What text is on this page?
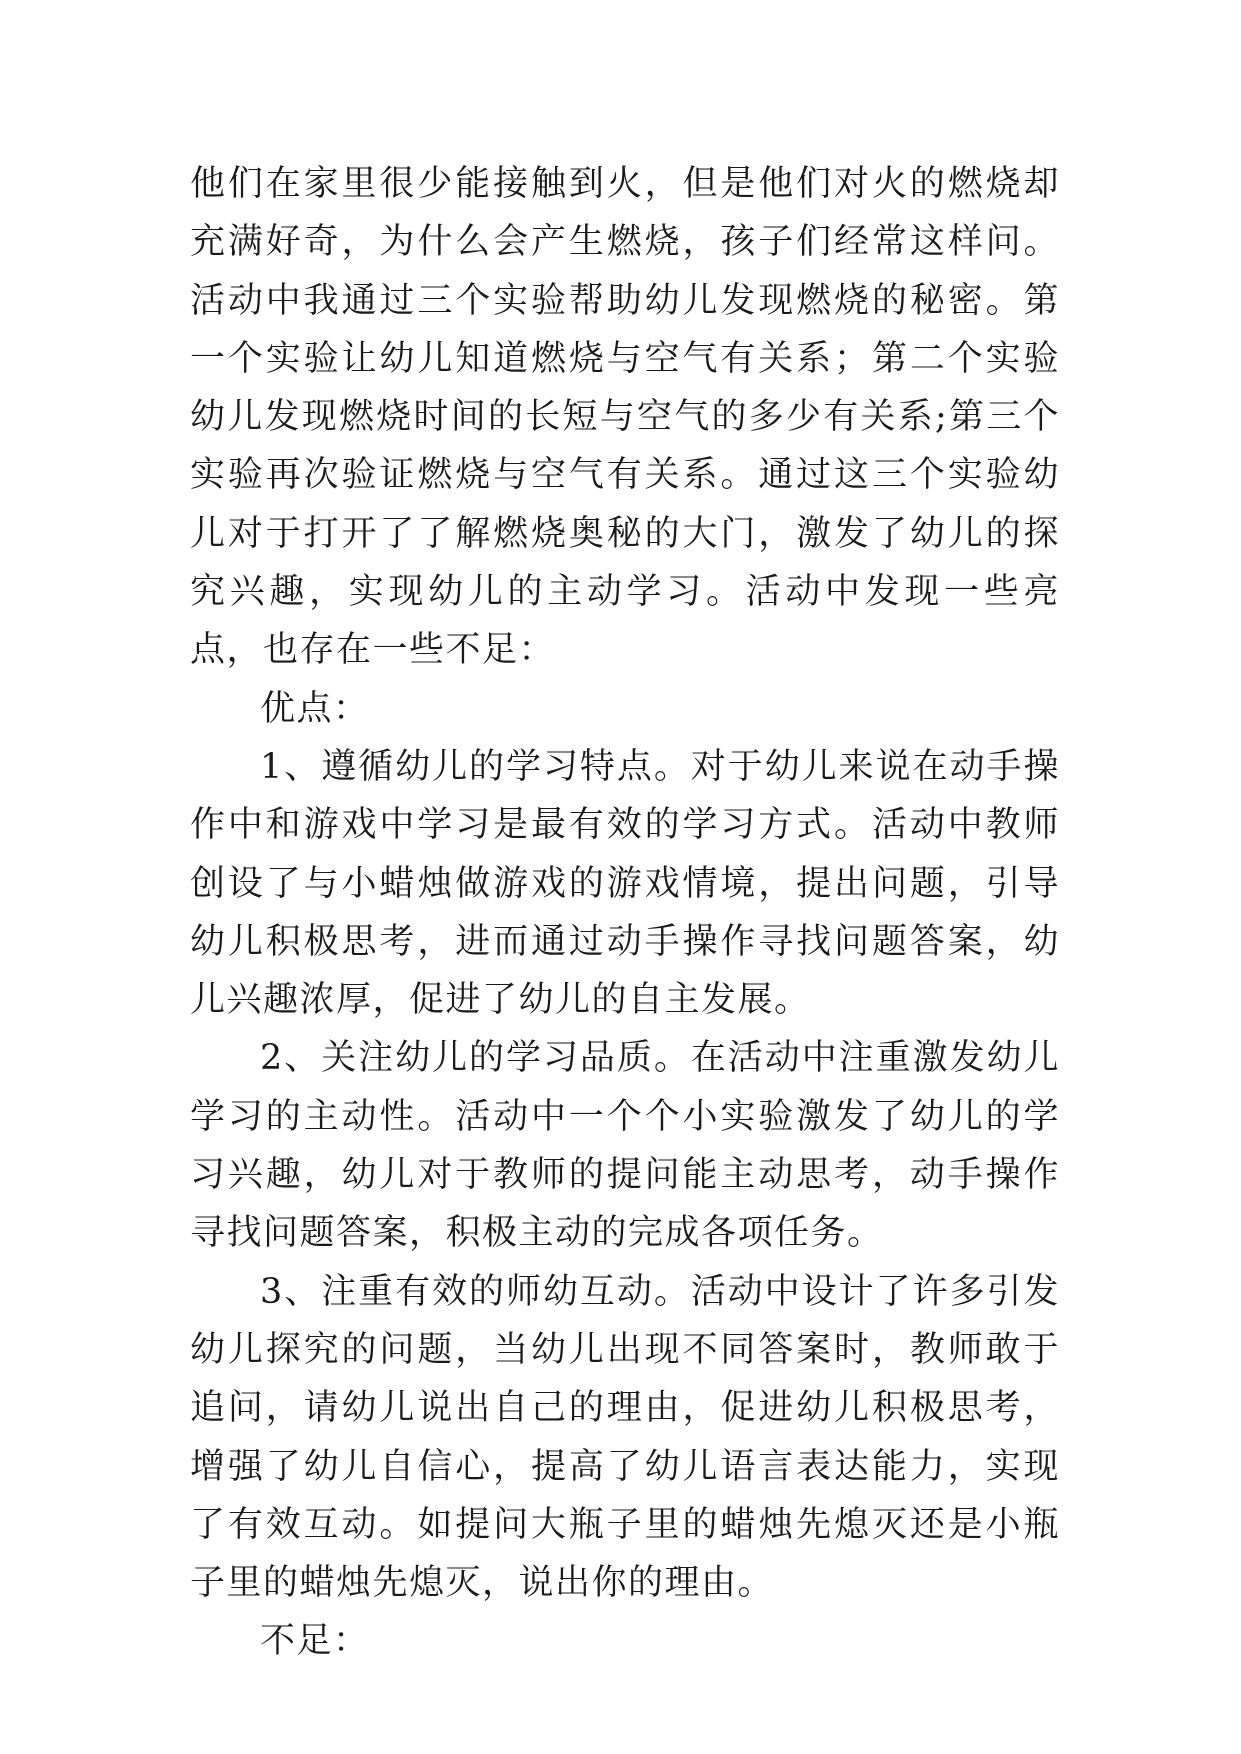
他们在家里很少能接触到火，但是他们对火的燃烧却充满好奇，为什么会产生燃烧，孩子们经常这样问。活动中我通过三个实验帮助幼儿发现燃烧的秘密。第一个实验让幼儿知道燃烧与空气有关系；第二个实验幼儿发现燃烧时间的长短与空气的多少有关系;第三个实验再次验证燃烧与空气有关系。通过这三个实验幼儿对于打开了了解燃烧奥秘的大门，激发了幼儿的探究兴趣，实现幼儿的主动学习。活动中发现一些亮点，也存在一些不足：

优点：

1、遵循幼儿的学习特点。对于幼儿来说在动手操作中和游戏中学习是最有效的学习方式。活动中教师创设了与小蜡烛做游戏的游戏情境，提出问题，引导幼儿积极思考，进而通过动手操作寻找问题答案，幼儿兴趣浓厚，促进了幼儿的自主发展。

2、关注幼儿的学习品质。在活动中注重激发幼儿学习的主动性。活动中一个个小实验激发了幼儿的学习兴趣，幼儿对于教师的提问能主动思考，动手操作寻找问题答案，积极主动的完成各项任务。

3、注重有效的师幼互动。活动中设计了许多引发幼儿探究的问题，当幼儿出现不同答案时，教师敢于追问，请幼儿说出自己的理由，促进幼儿积极思考，增强了幼儿自信心，提高了幼儿语言表达能力，实现了有效互动。如提问大瓶子里的蜡烛先熄灭还是小瓶子里的蜡烛先熄灭，说出你的理由。

不足：
